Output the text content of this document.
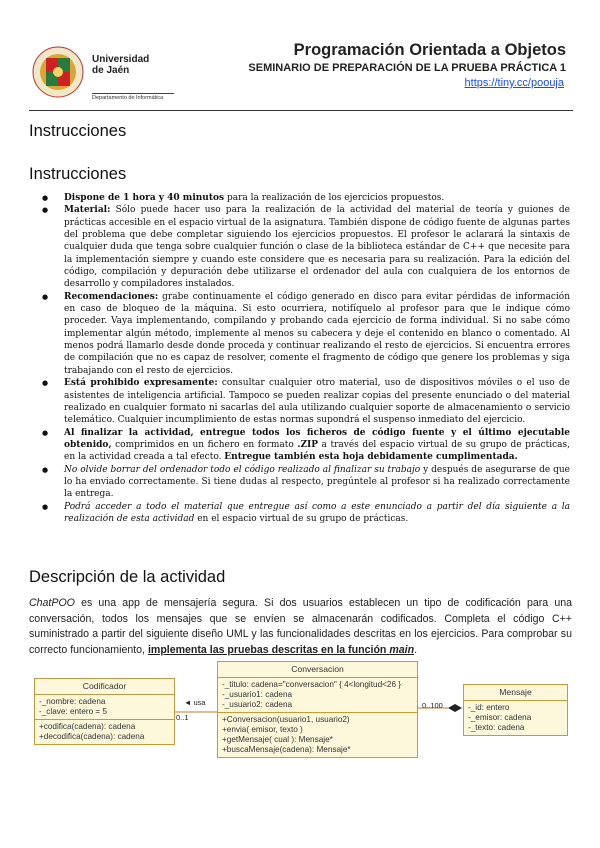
Universidad de Jaén
Departamento de Informática
Programación Orientada a Objetos
SEMINARIO DE PREPARACIÓN DE LA PRUEBA PRÁCTICA 1
https://tiny.cc/poouja
Instrucciones
Instrucciones
● Dispone de 1 hora y 40 minutos para la realización de los ejercicios propuestos.
● Material: Sólo puede hacer uso para la realización de la actividad del material de teoría y guiones de prácticas accesible en el espacio virtual de la asignatura. También dispone de código fuente de algunas partes del problema que debe completar siguiendo los ejercicios propuestos. El profesor le aclarará la sintaxis de cualquier duda que tenga sobre cualquier función o clase de la biblioteca estándar de C++ que necesite para la implementación siempre y cuando este considere que es necesaria para su realización. Para la edición del código, compilación y depuración debe utilizarse el ordenador del aula con cualquiera de los entornos de desarrollo y compiladores instalados.
● Recomendaciones: grabe continuamente el código generado en disco para evitar pérdidas de información en caso de bloqueo de la máquina. Si esto ocurriera, notifíquelo al profesor para que le indique cómo proceder. Vaya implementando, compilando y probando cada ejercicio de forma individual. Si no sabe cómo implementar algún método, implemente al menos su cabecera y deje el contenido en blanco o comentado. Al menos podrá llamarlo desde donde proceda y continuar realizando el resto de ejercicios. Si encuentra errores de compilación que no es capaz de resolver, comente el fragmento de código que genere los problemas y siga trabajando con el resto de ejercicios.
● Está prohibido expresamente: consultar cualquier otro material, uso de dispositivos móviles o el uso de asistentes de inteligencia artificial. Tampoco se pueden realizar copias del presente enunciado o del material realizado en cualquier formato ni sacarlas del aula utilizando cualquier soporte de almacenamiento o servicio telemático. Cualquier incumplimiento de estas normas supondrá el suspenso inmediato del ejercicio.
● Al finalizar la actividad, entregue todos los ficheros de código fuente y el último ejecutable obtenido, comprimidos en un fichero en formato .ZIP a través del espacio virtual de su grupo de prácticas, en la actividad creada a tal efecto. Entregue también esta hoja debidamente cumplimentada.
● No olvide borrar del ordenador todo el código realizado al finalizar su trabajo y después de asegurarse de que lo ha enviado correctamente. Si tiene dudas al respecto, pregúntele al profesor si ha realizado correctamente la entrega.
● Podrá acceder a todo el material que entregue así como a este enunciado a partir del día siguiente a la realización de esta actividad en el espacio virtual de su grupo de prácticas.
Descripción de la actividad

ChatPOO es una app de mensajería segura. Si dos usuarios establecen un tipo de codificación para una conversación, todos los mensajes que se envíen se almacenarán codificados. Completa el código C++ suministrado a partir del siguiente diseño UML y las funcionalidades descritas en los ejercicios. Para comprobar su correcto funcionamiento, implementa las pruebas descritas en la función main.

◄ usa
0..1
0..100
Codificador
-_nombre: cadena
-_clave: entero = 5
+codifica(cadena): cadena
+decodifica(cadena): cadena
Conversacion
-_titulo: cadena="conversacion" { 4<longitud<26 }
-_usuario1: cadena
-_usuario2: cadena
+Conversacion(usuario1, usuario2)
+envia( emisor, texto )
+getMensaje( cual ): Mensaje*
+buscaMensaje(cadena): Mensaje*
Mensaje
-_id: entero
-_emisor: cadena
-_texto: cadena
